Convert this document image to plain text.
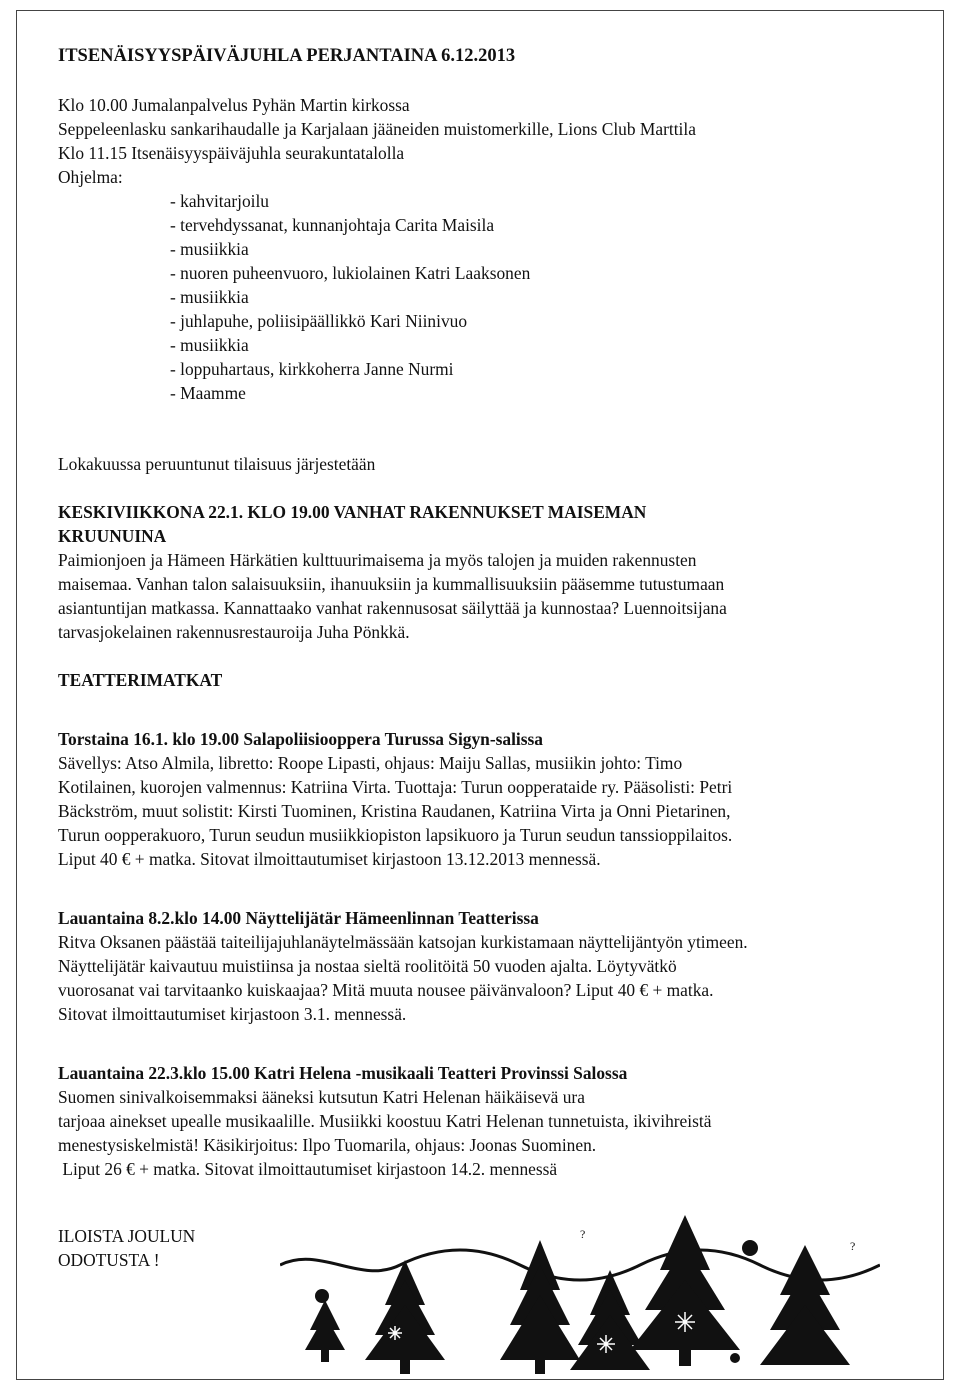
ITSENÄISYYSPÄIVÄJUHLA PERJANTAINA 6.12.2013

Klo 10.00 Jumalanpalvelus Pyhän Martin kirkossa

Seppeleenlasku sankarihaudalle ja Karjalaan jääneiden muistomerkille, Lions Club Marttila

Klo 11.15 Itsenäisyyspäiväjuhla seurakuntatalolla

Ohjelma:

- kahvitarjoilu

- tervehdyssanat, kunnanjohtaja Carita Maisila

- musiikkia

- nuoren puheenvuoro, lukiolainen Katri Laaksonen

- musiikkia

- juhlapuhe, poliisipäällikkö Kari Niinivuo

- musiikkia

- loppuhartaus, kirkkoherra Janne Nurmi

- Maamme

Lokakuussa peruuntunut tilaisuus järjestetään

KESKIVIIKKONA 22.1. KLO 19.00 VANHAT RAKENNUKSET MAISEMAN

KRUUNUINA

Paimionjoen ja Hämeen Härkätien kulttuurimaisema ja myös talojen ja muiden rakennusten

maisemaa. Vanhan talon salaisuuksiin, ihanuuksiin ja kummallisuuksiin pääsemme tutustumaan

asiantuntijan matkassa. Kannattaako vanhat rakennusosat säilyttää ja kunnostaa? Luennoitsijana

tarvasjokelainen rakennusrestauroija Juha Pönkkä.

TEATTERIMATKAT

Torstaina 16.1. klo 19.00 Salapoliisiooppera Turussa Sigyn-salissa

Sävellys: Atso Almila, libretto: Roope Lipasti, ohjaus: Maiju Sallas, musiikin johto: Timo

Kotilainen, kuorojen valmennus: Katriina Virta. Tuottaja: Turun oopperataide ry. Pääsolisti: Petri

Bäckström, muut solistit: Kirsti Tuominen, Kristina Raudanen, Katriina Virta ja Onni Pietarinen,

Turun oopperakuoro, Turun seudun musiikkiopiston lapsikuoro ja Turun seudun tanssioppilaitos.

Liput 40 € + matka. Sitovat ilmoittautumiset kirjastoon 13.12.2013 mennessä.

Lauantaina 8.2.klo 14.00 Näyttelijätär Hämeenlinnan Teatterissa

Ritva Oksanen päästää taiteilijajuhlanäytelmässään katsojan kurkistamaan näyttelijäntyön ytimeen.

Näyttelijätär kaivautuu muistiinsa ja nostaa sieltä roolitöitä 50 vuoden ajalta. Löytyvätkö

vuorosanat vai tarvitaanko kuiskaajaa? Mitä muuta nousee päivänvaloon? Liput 40 € + matka.

Sitovat ilmoittautumiset kirjastoon 3.1. mennessä.

Lauantaina 22.3.klo 15.00 Katri Helena -musikaali Teatteri Provinssi Salossa

Suomen sinivalkoisemmaksi ääneksi kutsutun Katri Helenan häikäisevä ura

tarjoaa ainekset upealle musikaalille. Musiikki koostuu Katri Helenan tunnetuista, ikivihreistä

menestysiskelmistä! Käsikirjoitus: Ilpo Tuomarila, ohjaus: Joonas Suominen.

Liput 26 € + matka. Sitovat ilmoittautumiset kirjastoon 14.2. mennessä

ILOISTA JOULUN

ODOTUSTA !

?
?
